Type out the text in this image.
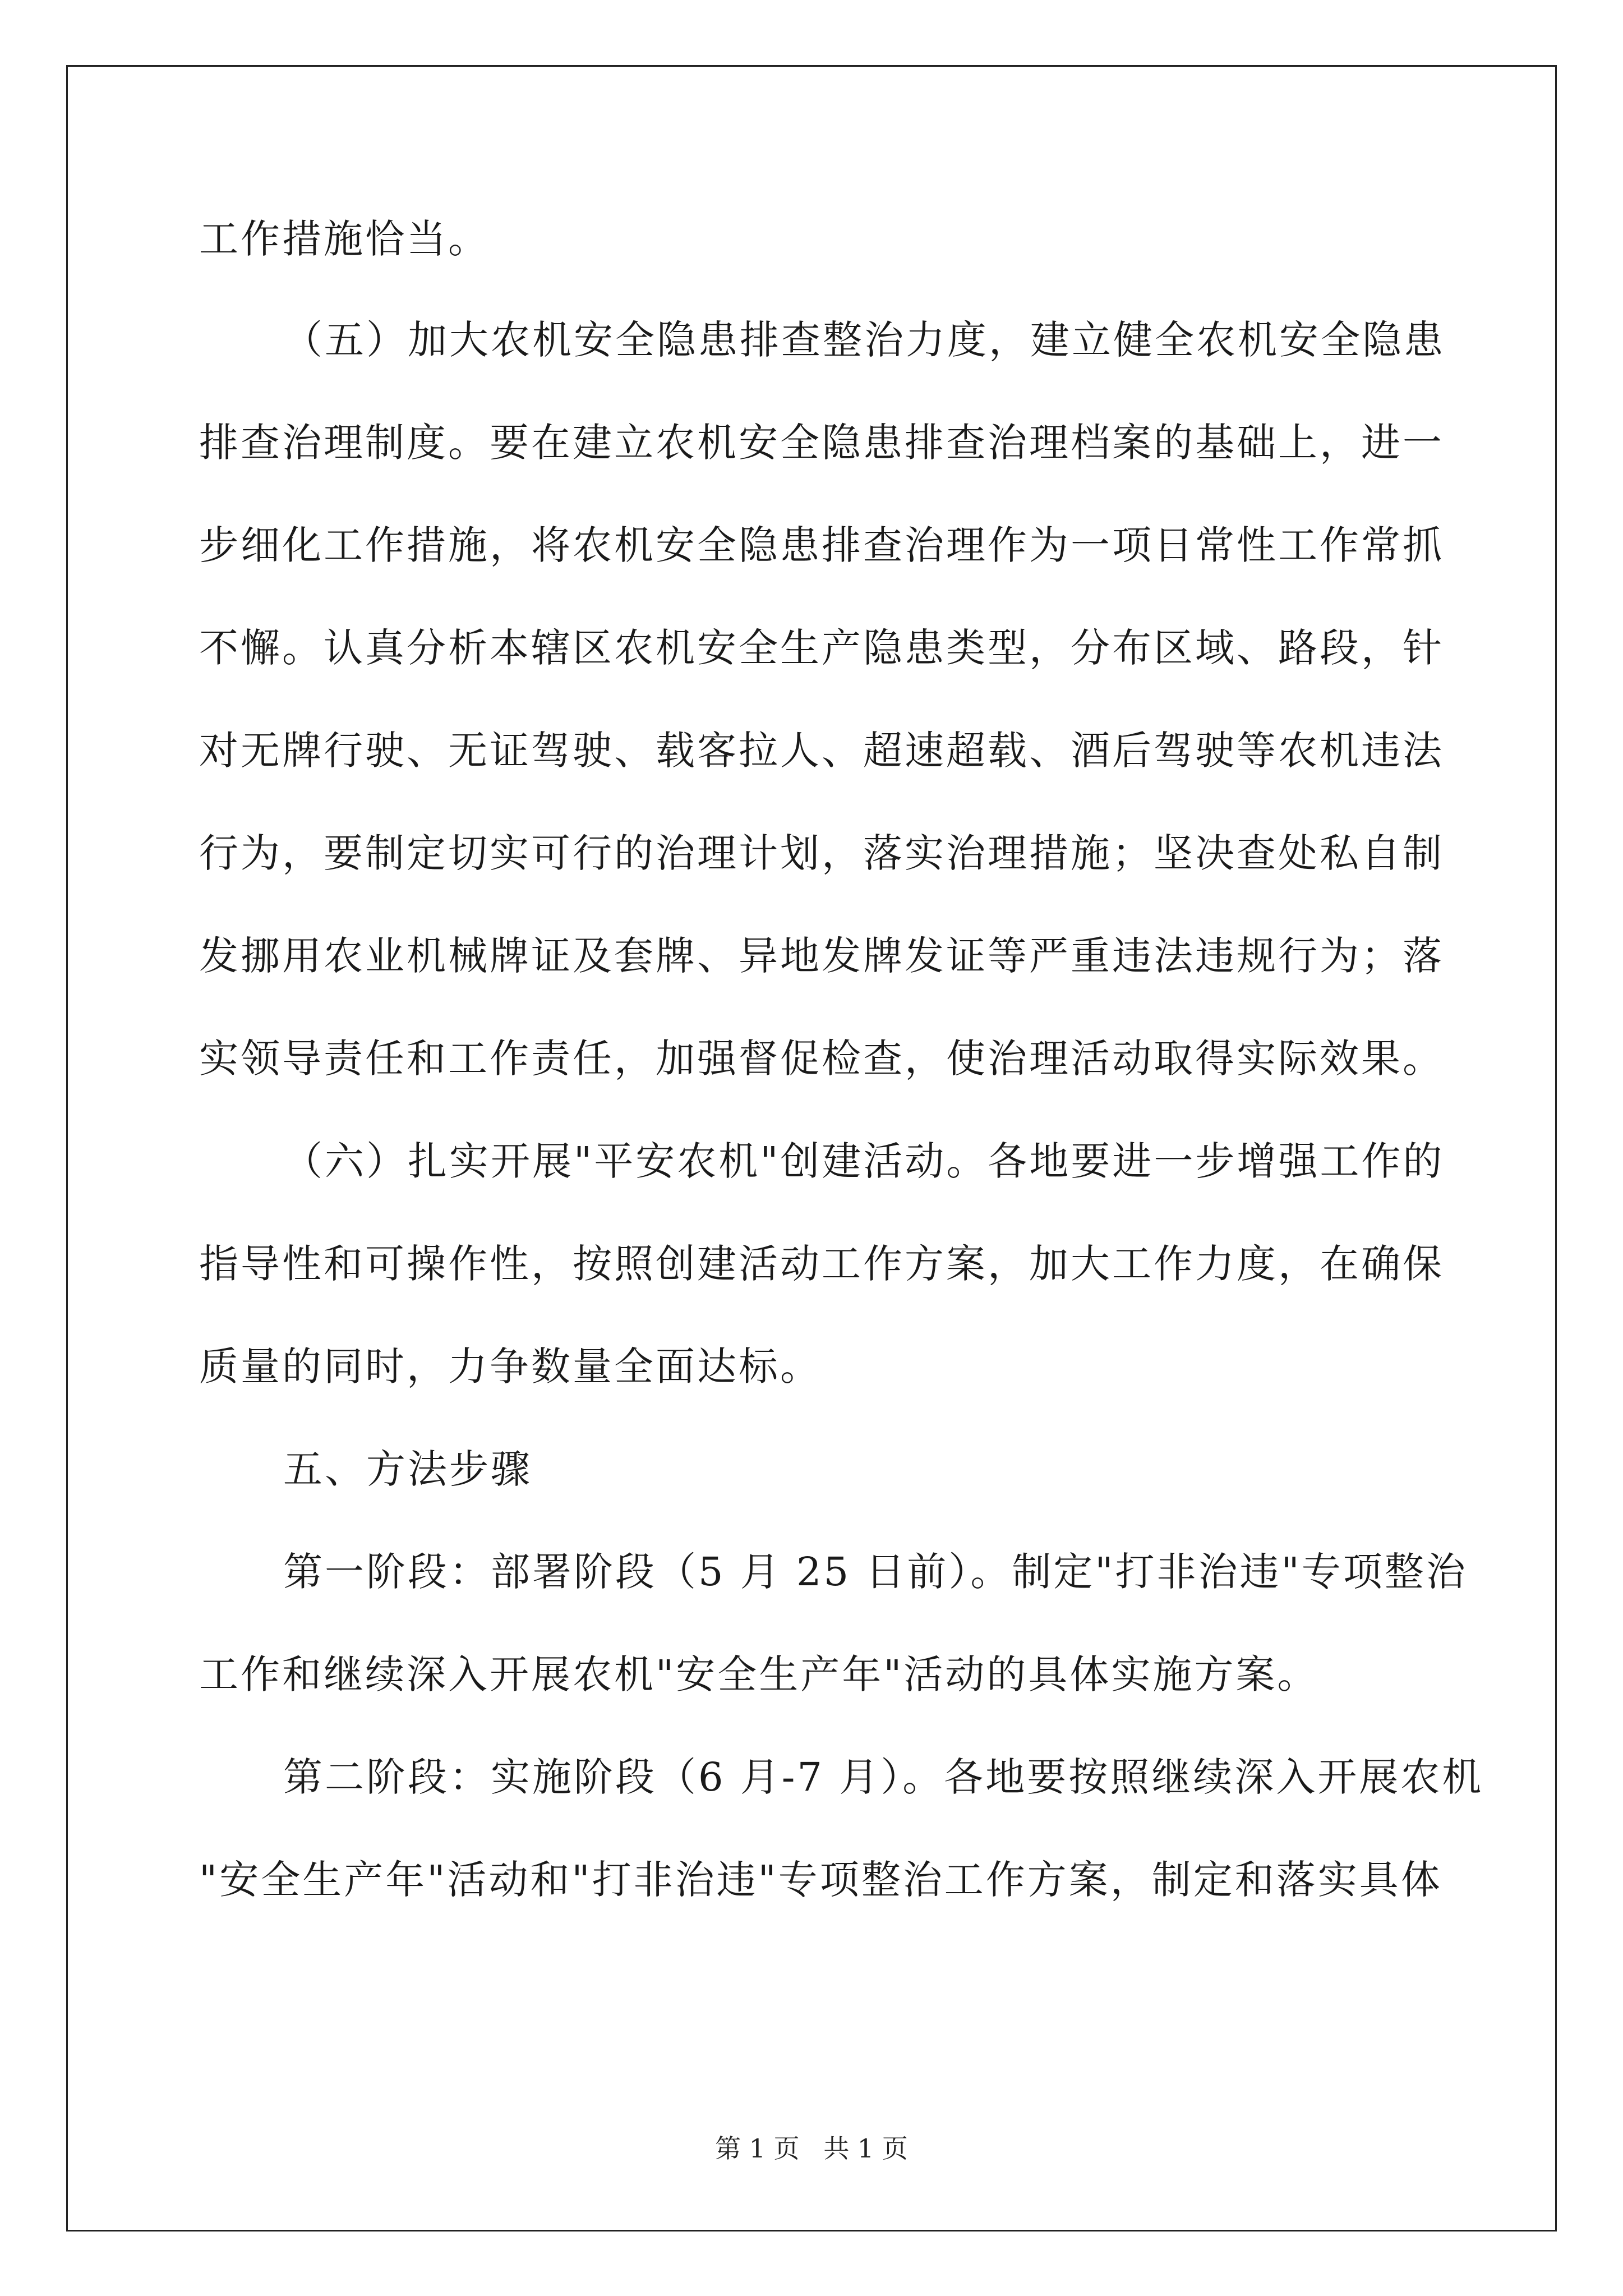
工作措施恰当。
（五）加大农机安全隐患排查整治力度，建立健全农机安全隐患
排查治理制度。要在建立农机安全隐患排查治理档案的基础上，进一
步细化工作措施，将农机安全隐患排查治理作为一项日常性工作常抓
不懈。认真分析本辖区农机安全生产隐患类型，分布区域、路段，针
对无牌行驶、无证驾驶、载客拉人、超速超载、酒后驾驶等农机违法
行为，要制定切实可行的治理计划，落实治理措施；坚决查处私自制
发挪用农业机械牌证及套牌、异地发牌发证等严重违法违规行为；落
实领导责任和工作责任，加强督促检查，使治理活动取得实际效果。
（六）扎实开展"平安农机"创建活动。各地要进一步增强工作的
指导性和可操作性，按照创建活动工作方案，加大工作力度，在确保
质量的同时，力争数量全面达标。
五、方法步骤
第一阶段：部署阶段（5 月 25 日前）。制定"打非治违"专项整治
工作和继续深入开展农机"安全生产年"活动的具体实施方案。
第二阶段：实施阶段（6 月-7 月）。各地要按照继续深入开展农机
"安全生产年"活动和"打非治违"专项整治工作方案，制定和落实具体
第 1 页 共 1 页
